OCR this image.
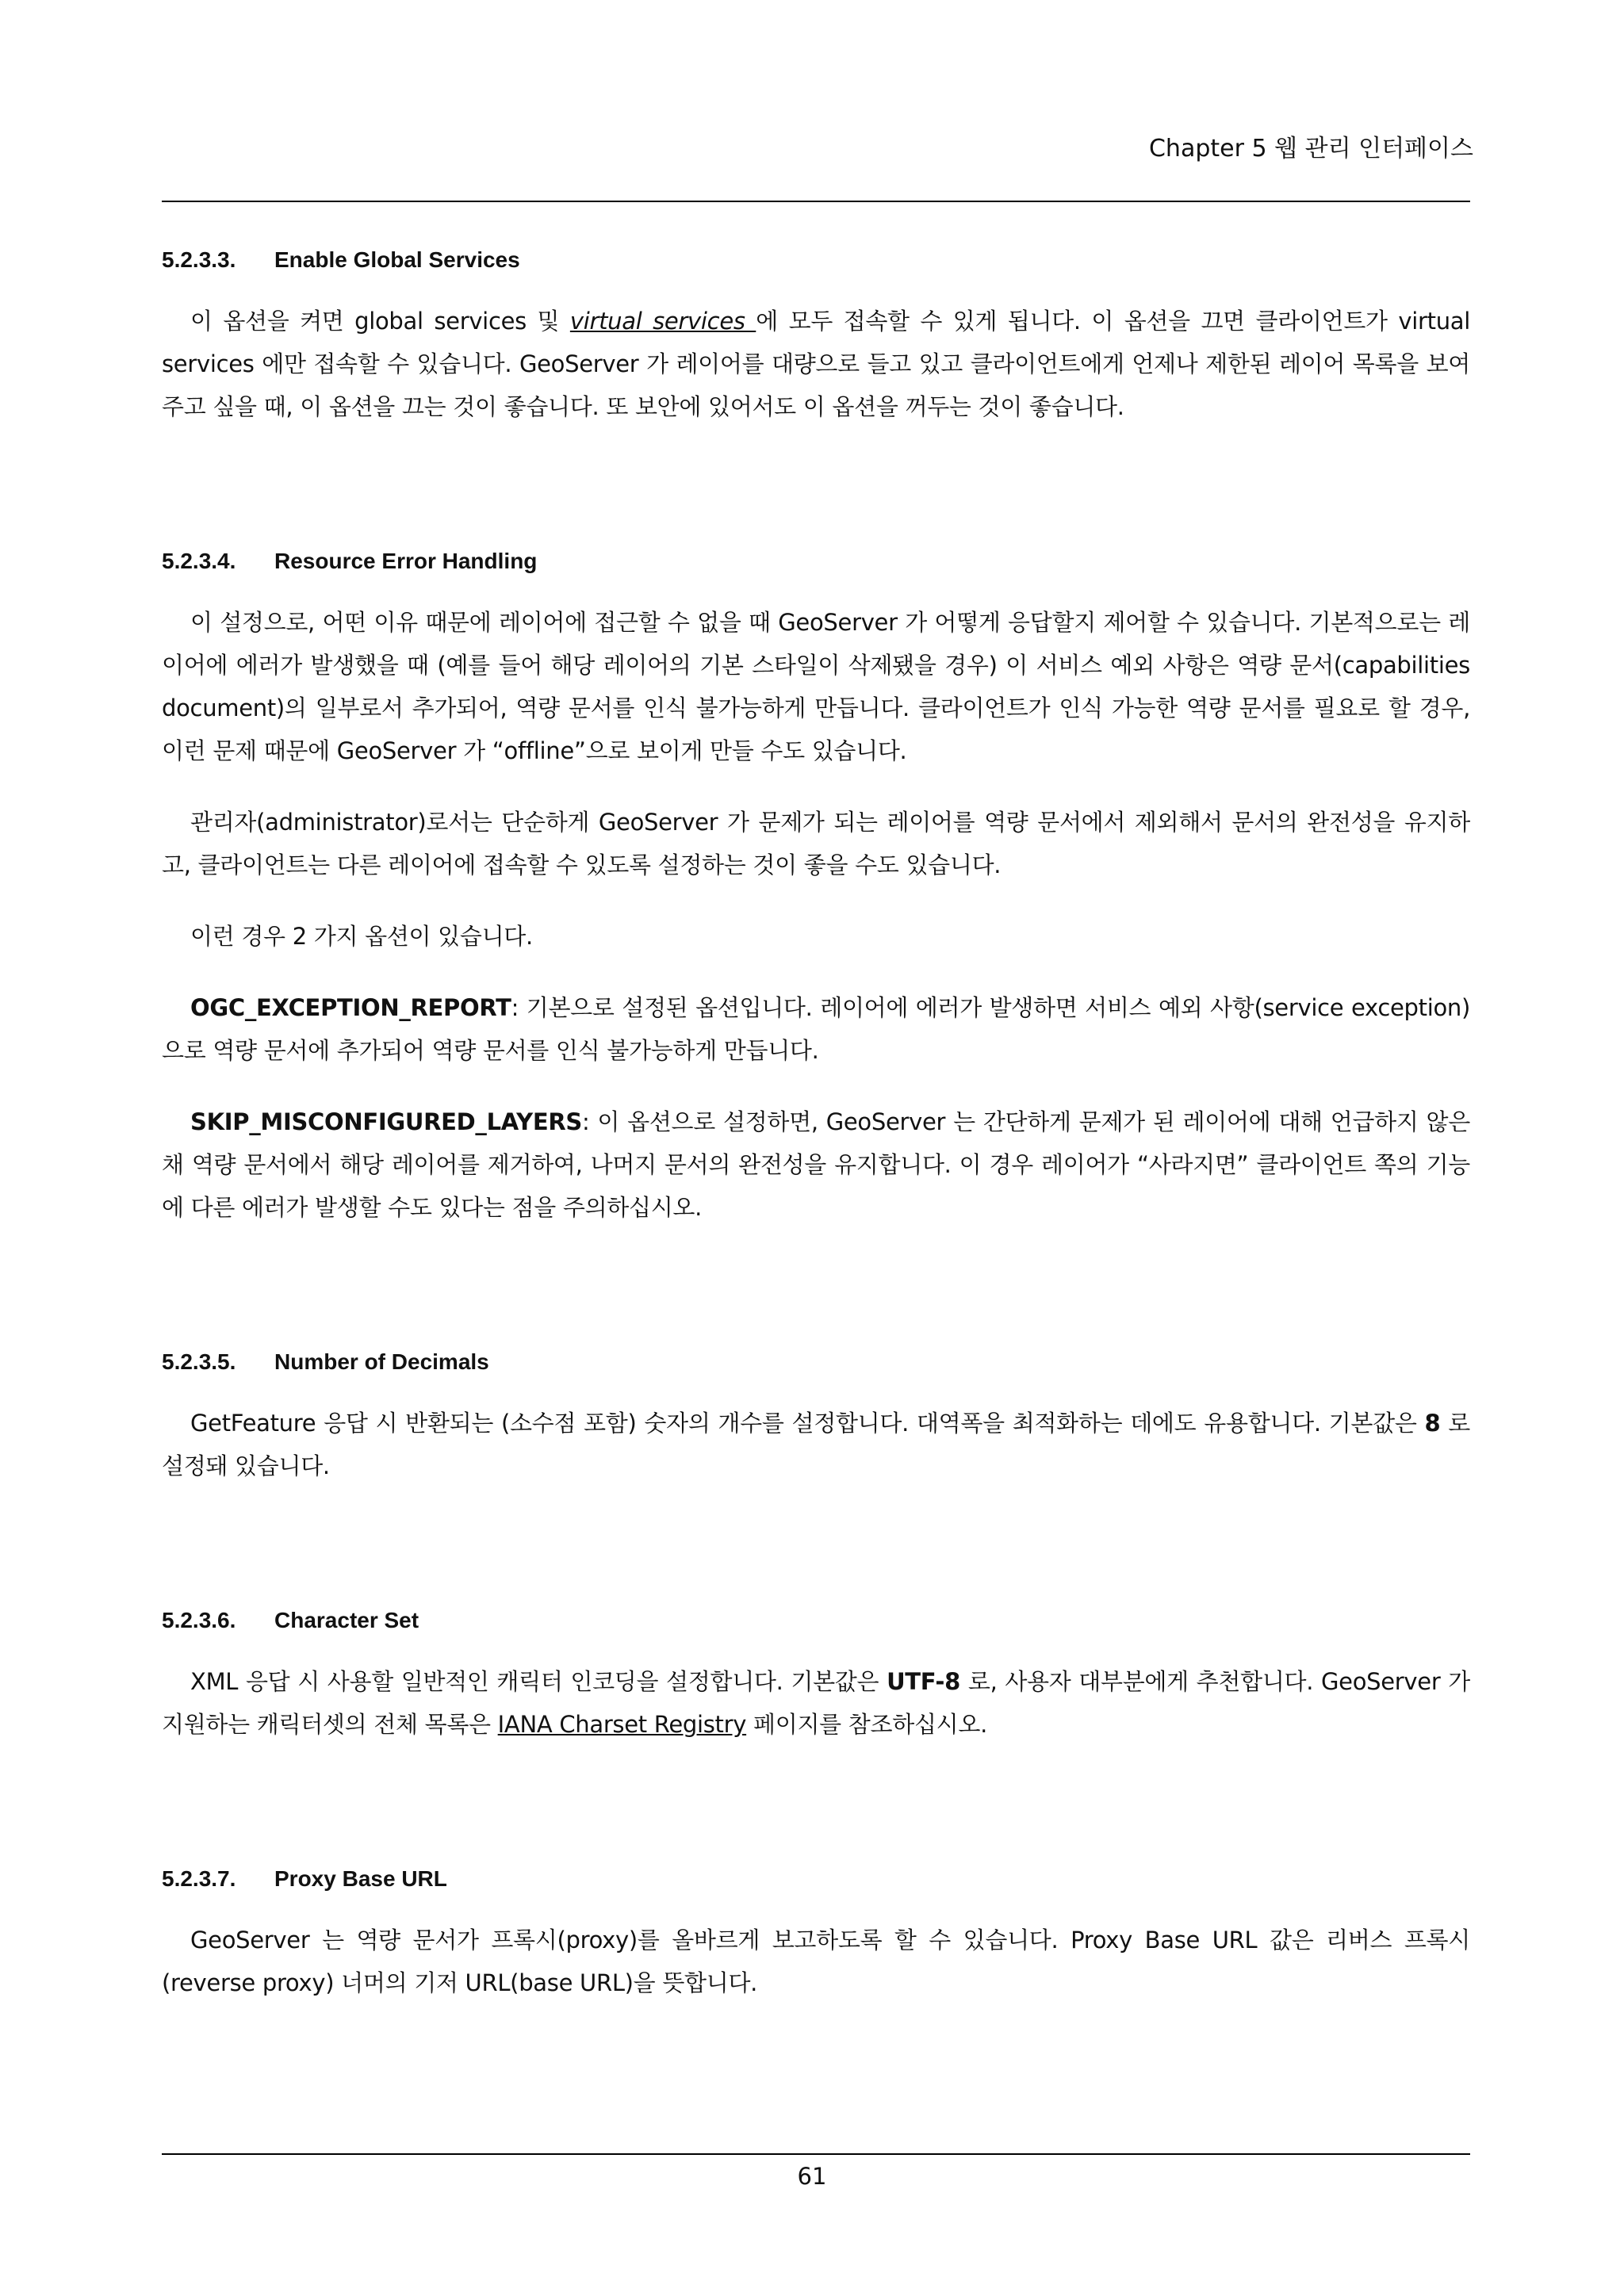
Chapter 5 웹 관리 인터페이스
5.2.3.3. Enable Global Services

이 옵션을 켜면 global services 및 virtual services 에 모두 접속할 수 있게 됩니다. 이 옵션을 끄면 클라이언트가 virtual services 에만 접속할 수 있습니다. GeoServer 가 레이어를 대량으로 들고 있고 클라이언트에게 언제나 제한된 레이어 목록을 보여주고 싶을 때, 이 옵션을 끄는 것이 좋습니다. 또 보안에 있어서도 이 옵션을 꺼두는 것이 좋습니다.

5.2.3.4. Resource Error Handling

이 설정으로, 어떤 이유 때문에 레이어에 접근할 수 없을 때 GeoServer 가 어떻게 응답할지 제어할 수 있습니다. 기본적으로는 레이어에 에러가 발생했을 때 (예를 들어 해당 레이어의 기본 스타일이 삭제됐을 경우) 이 서비스 예외 사항은 역량 문서(capabilities document)의 일부로서 추가되어, 역량 문서를 인식 불가능하게 만듭니다. 클라이언트가 인식 가능한 역량 문서를 필요로 할 경우, 이런 문제 때문에 GeoServer 가 “offline”으로 보이게 만들 수도 있습니다.

관리자(administrator)로서는 단순하게 GeoServer 가 문제가 되는 레이어를 역량 문서에서 제외해서 문서의 완전성을 유지하고, 클라이언트는 다른 레이어에 접속할 수 있도록 설정하는 것이 좋을 수도 있습니다.

이런 경우 2 가지 옵션이 있습니다.

OGC_EXCEPTION_REPORT: 기본으로 설정된 옵션입니다. 레이어에 에러가 발생하면 서비스 예외 사항(service exception)으로 역량 문서에 추가되어 역량 문서를 인식 불가능하게 만듭니다.

SKIP_MISCONFIGURED_LAYERS: 이 옵션으로 설정하면, GeoServer 는 간단하게 문제가 된 레이어에 대해 언급하지 않은 채 역량 문서에서 해당 레이어를 제거하여, 나머지 문서의 완전성을 유지합니다. 이 경우 레이어가 “사라지면” 클라이언트 쪽의 기능에 다른 에러가 발생할 수도 있다는 점을 주의하십시오.

5.2.3.5. Number of Decimals

GetFeature 응답 시 반환되는 (소수점 포함) 숫자의 개수를 설정합니다. 대역폭을 최적화하는 데에도 유용합니다. 기본값은 8 로 설정돼 있습니다.

5.2.3.6. Character Set

XML 응답 시 사용할 일반적인 캐릭터 인코딩을 설정합니다. 기본값은 UTF-8 로, 사용자 대부분에게 추천합니다. GeoServer 가 지원하는 캐릭터셋의 전체 목록은 IANA Charset Registry 페이지를 참조하십시오.

5.2.3.7. Proxy Base URL

GeoServer 는 역량 문서가 프록시(proxy)를 올바르게 보고하도록 할 수 있습니다. Proxy Base URL 값은 리버스 프록시(reverse proxy) 너머의 기저 URL(base URL)을 뜻합니다.

61
